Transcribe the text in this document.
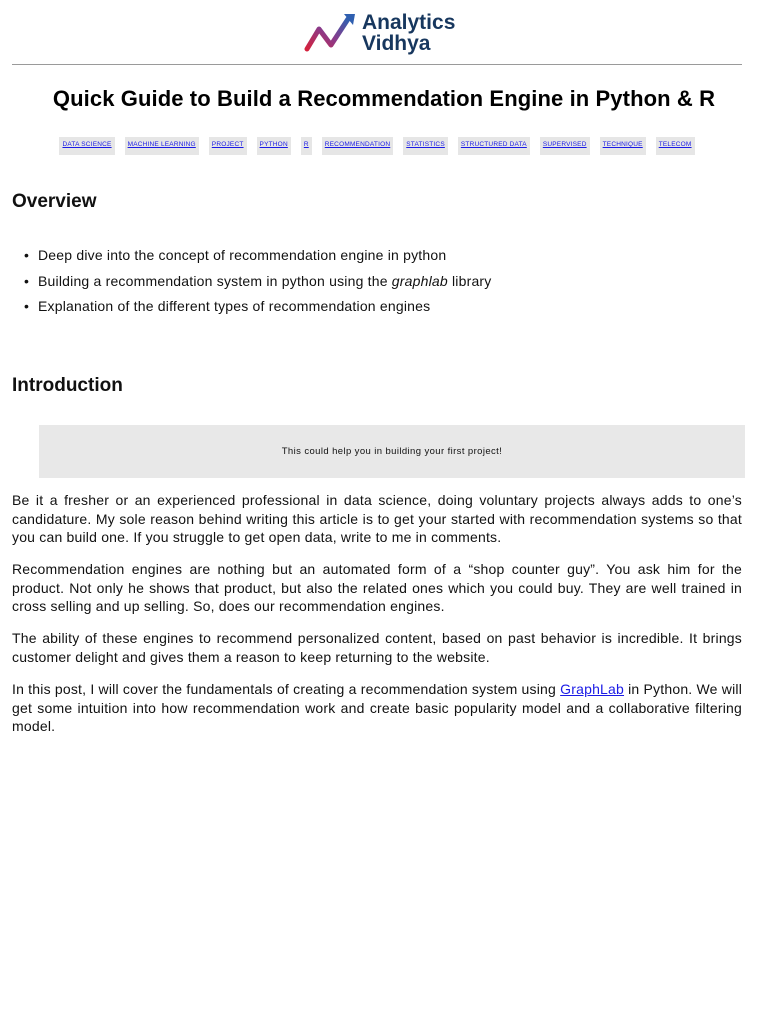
Analytics
Vidhya
Quick Guide to Build a Recommendation Engine in Python & R
DATA SCIENCE	MACHINE LEARNING	PROJECT	PYTHON	R	RECOMMENDATION	STATISTICS	STRUCTURED DATA	SUPERVISED	TECHNIQUE	TELECOM
Overview
• Deep dive into the concept of recommendation engine in python
• Building a recommendation system in python using the graphlab library
• Explanation of the different types of recommendation engines
Introduction
This could help you in building your first project!

Be it a fresher or an experienced professional in data science, doing voluntary projects always adds to one’s candidature. My sole reason behind writing this article is to get your started with recommendation systems so that you can build one. If you struggle to get open data, write to me in comments.

Recommendation engines are nothing but an automated form of a “shop counter guy”. You ask him for the product. Not only he shows that product, but also the related ones which you could buy. They are well trained in cross selling and up selling. So, does our recommendation engines.

The ability of these engines to recommend personalized content, based on past behavior is incredible. It brings customer delight and gives them a reason to keep returning to the website.

In this post, I will cover the fundamentals of creating a recommendation system using GraphLab in Python. We will get some intuition into how recommendation work and create basic popularity model and a collaborative filtering model.
